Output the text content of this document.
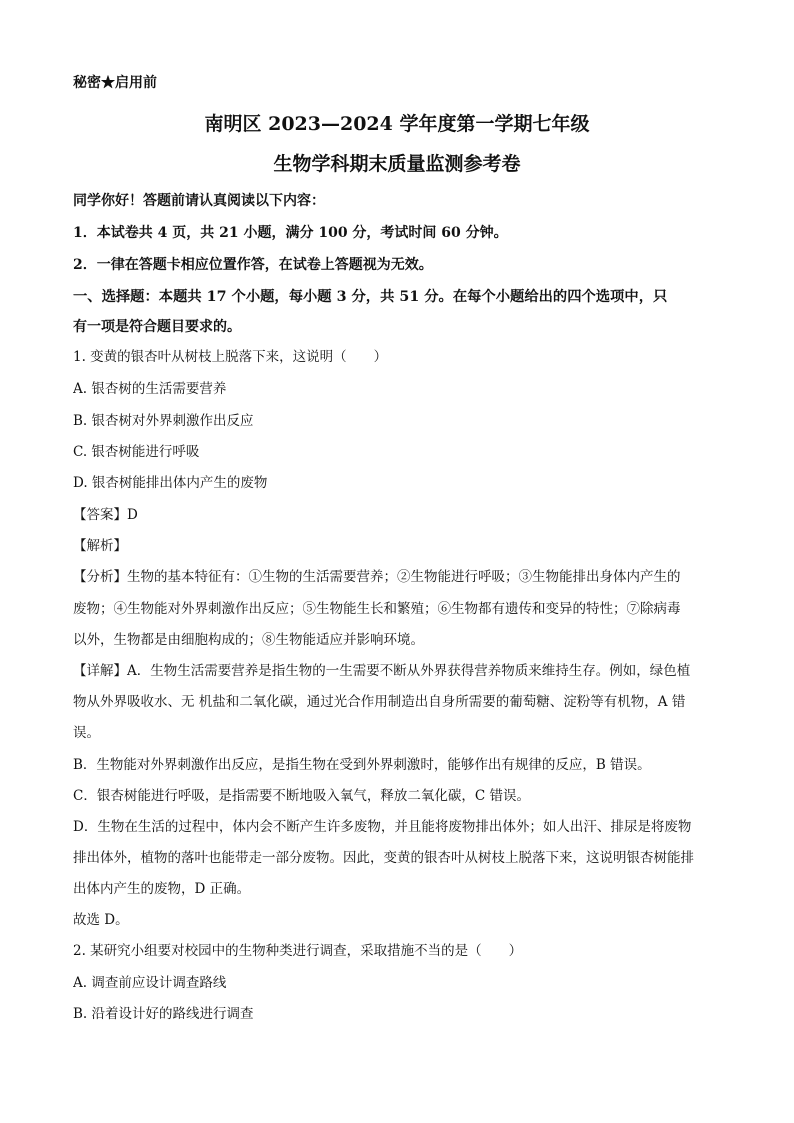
秘密★启用前
南明区 2023—2024 学年度第一学期七年级
生物学科期末质量监测参考卷
同学你好！答题前请认真阅读以下内容：
1．本试卷共 4 页，共 21 小题，满分 100 分，考试时间 60 分钟。
2．一律在答题卡相应位置作答，在试卷上答题视为无效。
一、选择题：本题共 17 个小题，每小题 3 分，共 51 分。在每个小题给出的四个选项中，只
有一项是符合题目要求的。
1. 变黄的银杏叶从树枝上脱落下来，这说明（　　）
A. 银杏树的生活需要营养
B. 银杏树对外界刺激作出反应
C. 银杏树能进行呼吸
D. 银杏树能排出体内产生的废物
【答案】D
【解析】
【分析】生物的基本特征有：①生物的生活需要营养；②生物能进行呼吸；③生物能排出身体内产生的
废物；④生物能对外界刺激作出反应；⑤生物能生长和繁殖；⑥生物都有遗传和变异的特性；⑦除病毒
以外，生物都是由细胞构成的；⑧生物能适应并影响环境。
【详解】A．生物生活需要营养是指生物的一生需要不断从外界获得营养物质来维持生存。例如，绿色植
物从外界吸收水、无 机盐和二氧化碳，通过光合作用制造出自身所需要的葡萄糖、淀粉等有机物，A 错
误。
B．生物能对外界刺激作出反应，是指生物在受到外界刺激时，能够作出有规律的反应，B 错误。
C．银杏树能进行呼吸，是指需要不断地吸入氧气，释放二氧化碳，C 错误。
D．生物在生活的过程中，体内会不断产生许多废物，并且能将废物排出体外；如人出汗、排尿是将废物
排出体外，植物的落叶也能带走一部分废物。因此，变黄的银杏叶从树枝上脱落下来，这说明银杏树能排
出体内产生的废物，D 正确。
故选 D。
2. 某研究小组要对校园中的生物种类进行调查，采取措施不当的是（　　）
A. 调查前应设计调查路线
B. 沿着设计好的路线进行调查
